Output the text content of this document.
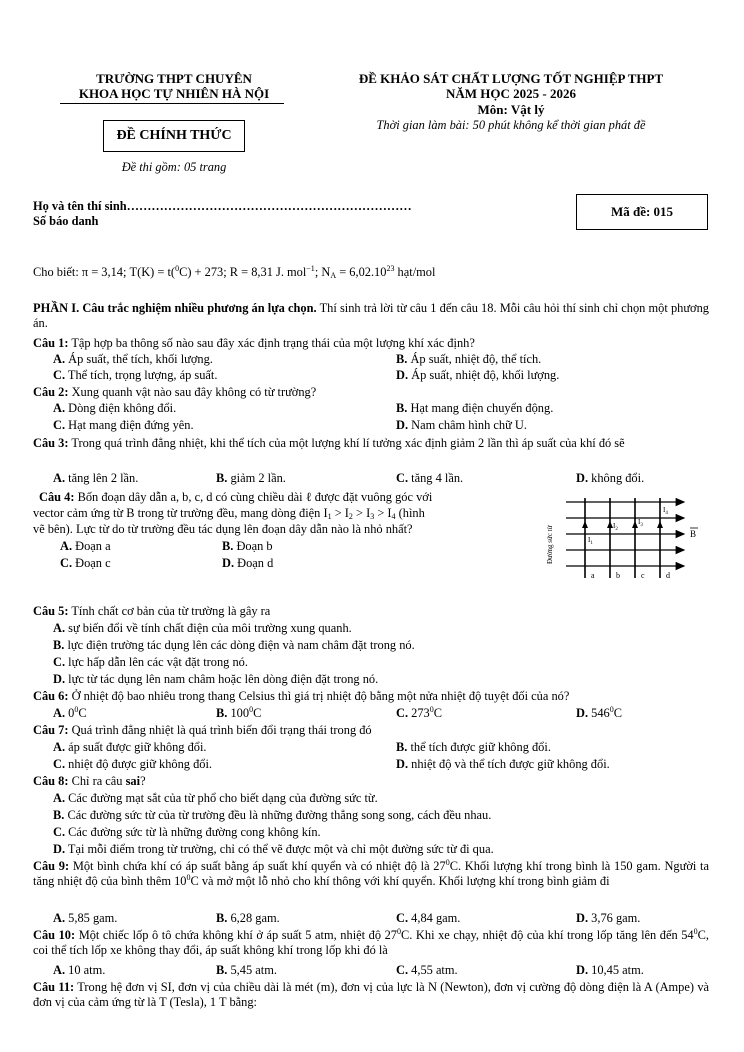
TRƯỜNG THPT CHUYÊN
KHOA HỌC TỰ NHIÊN HÀ NỘI
ĐỀ CHÍNH THỨC
Đề thi gồm: 05 trang
ĐỀ KHẢO SÁT CHẤT LƯỢNG TỐT NGHIỆP THPT
NĂM HỌC 2025 - 2026
Môn: Vật lý
Thời gian làm bài: 50 phút không kể thời gian phát đề
Họ và tên thí sinh……………………………………………………………
Số báo danh
Mã đề: 015
Cho biết: π = 3,14; T(K) = t($^0$C) + 273; R = 8,31 J. mol$^{-1}$; $N_A = 6,02.10^{23}$ hạt/mol
PHẦN I. Câu trắc nghiệm nhiều phương án lựa chọn. Thí sinh trả lời từ câu 1 đến câu 18. Mỗi câu hỏi thí sinh chỉ chọn một phương án.
Câu 1: Tập hợp ba thông số nào sau đây xác định trạng thái của một lượng khí xác định?
A. Áp suất, thể tích, khối lượng.	B. Áp suất, nhiệt độ, thể tích.
C. Thể tích, trọng lượng, áp suất.	D. Áp suất, nhiệt độ, khối lượng.
Câu 2: Xung quanh vật nào sau đây không có từ trường?
A. Dòng điện không đổi.	B. Hạt mang điện chuyển động.
C. Hạt mang điện đứng yên.	D. Nam châm hình chữ U.
Câu 3: Trong quá trình đẳng nhiệt, khi thể tích của một lượng khí lí tưởng xác định giảm 2 lần thì áp suất của khí đó sẽ
A. tăng lên 2 lần.	B. giảm 2 lần.	C. tăng 4 lần.	D. không đổi.
Câu 4: Bốn đoạn dây dẫn a, b, c, d có cùng chiều dài ℓ được đặt vuông góc với
vector cảm ứng từ B trong từ trường đều, mang dòng điện $I_1 > I_2 > I_3 > I_4$ (hình
vẽ bên). Lực từ do từ trường đều tác dụng lên đoạn dây dẫn nào là nhỏ nhất?
A. Đoạn a	B. Đoạn b
C. Đoạn c	D. Đoạn d
$I_1$
$I_2$
$I_3$
$I_4$
B
a	b	c	d
Đường sức từ
Câu 5: Tính chất cơ bản của từ trường là gây ra
A. sự biến đổi về tính chất điện của môi trường xung quanh.
B. lực điện trường tác dụng lên các dòng điện và nam châm đặt trong nó.
C. lực hấp dẫn lên các vật đặt trong nó.
D. lực từ tác dụng lên nam châm hoặc lên dòng điện đặt trong nó.
Câu 6: Ở nhiệt độ bao nhiêu trong thang Celsius thì giá trị nhiệt độ bằng một nửa nhiệt độ tuyệt đối của nó?
A. $0^0C$	B. $100^0C$	C. $273^0C$	D. $546^0C$
Câu 7: Quá trình đẳng nhiệt là quá trình biến đổi trạng thái trong đó
A. áp suất được giữ không đổi.	B. thể tích được giữ không đổi.
C. nhiệt độ được giữ không đổi.	D. nhiệt độ và thể tích được giữ không đổi.
Câu 8: Chỉ ra câu sai?
A. Các đường mạt sắt của từ phổ cho biết dạng của đường sức từ.
B. Các đường sức từ của từ trường đều là những đường thẳng song song, cách đều nhau.
C. Các đường sức từ là những đường cong không kín.
D. Tại mỗi điểm trong từ trường, chỉ có thể vẽ được một và chỉ một đường sức từ đi qua.
Câu 9: Một bình chứa khí có áp suất bằng áp suất khí quyển và có nhiệt độ là $27^0C$. Khối lượng khí trong bình là 150 gam. Người ta tăng nhiệt độ của bình thêm $10^0C$ và mở một lỗ nhỏ cho khí thông với khí quyển. Khối lượng khí trong bình giảm đi
A. 5,85 gam.	B. 6,28 gam.	C. 4,84 gam.	D. 3,76 gam.
Câu 10: Một chiếc lốp ô tô chứa không khí ở áp suất 5 atm, nhiệt độ $27^0C$. Khi xe chạy, nhiệt độ của khí trong lốp tăng lên đến $54^0C$, coi thể tích lốp xe không thay đổi, áp suất không khí trong lốp khi đó là
A. 10 atm.	B. 5,45 atm.	C. 4,55 atm.	D. 10,45 atm.
Câu 11: Trong hệ đơn vị SI, đơn vị của chiều dài là mét (m), đơn vị của lực là N (Newton), đơn vị cường độ dòng điện là A (Ampe) và đơn vị của cảm ứng từ là T (Tesla), 1 T bằng:
